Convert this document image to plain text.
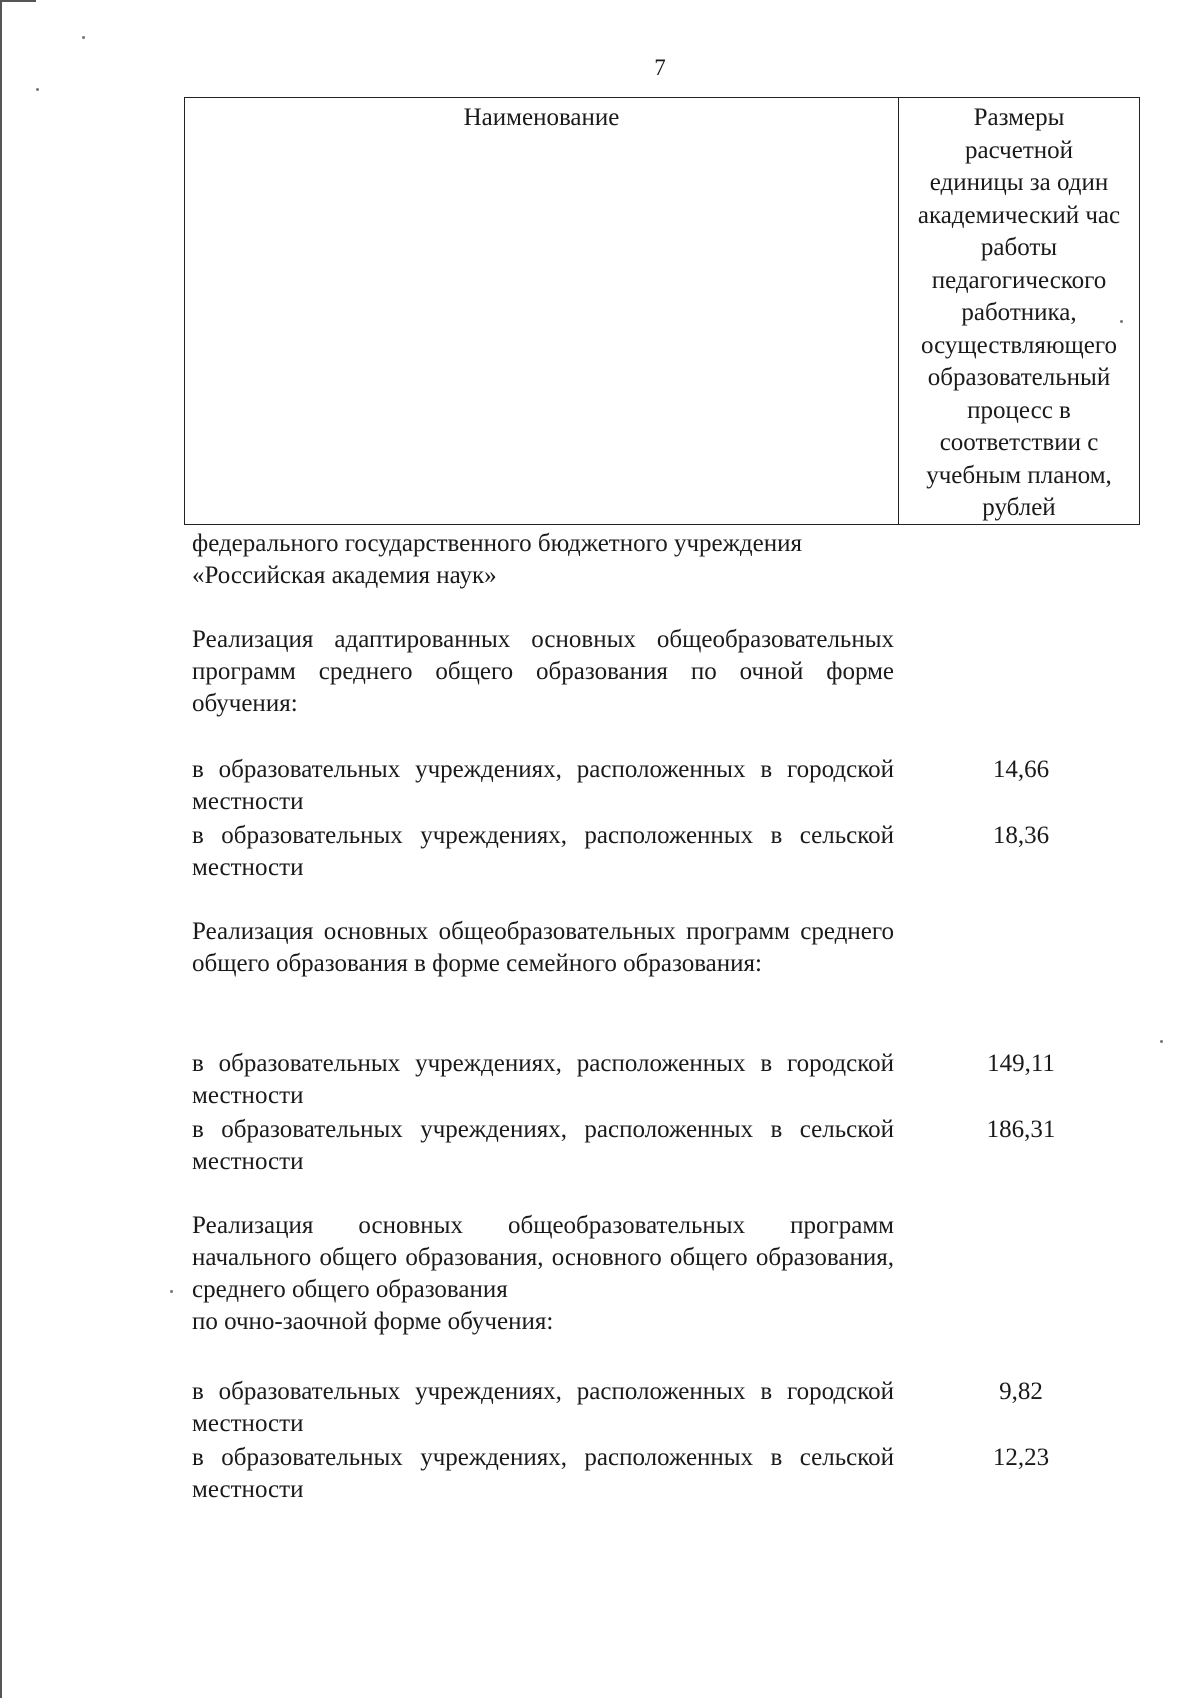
7
Наименование	Размеры
расчетной
единицы за один
академический час
работы
педагогического
работника,
осуществляющего
образовательный
процесс в
соответствии с
учебным планом,
рублей
федерального государственного бюджетного учреждения
«Российская академия наук»
Реализация адаптированных основных общеобразовательных программ среднего общего образования по очной форме обучения:
в образовательных учреждениях, расположенных в городской местности
14,66
в образовательных учреждениях, расположенных в сельской местности
18,36
Реализация основных общеобразовательных программ среднего общего образования в форме семейного образования:
в образовательных учреждениях, расположенных в городской местности
149,11
в образовательных учреждениях, расположенных в сельской местности
186,31
Реализация основных общеобразовательных программ начального общего образования, основного общего образования, среднего общего образования
по очно-заочной форме обучения:
в образовательных учреждениях, расположенных в городской местности
9,82
в образовательных учреждениях, расположенных в сельской местности
12,23
